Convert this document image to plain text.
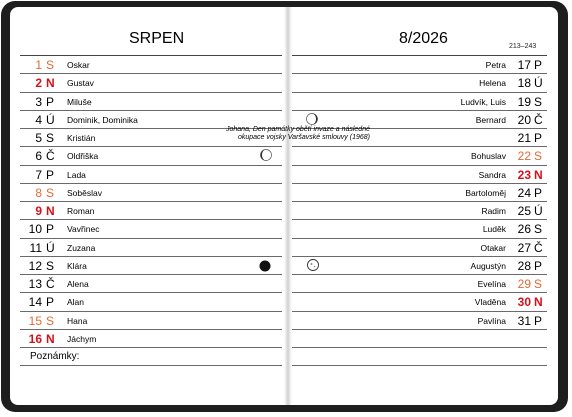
SRPEN	8/2026	213–243
1 S Oskar
2 N Gustav
3 P Miluše
4 Ú Dominik, Dominika
5 S Kristián
6 Č Oldřiška
7 P Lada
8 S Soběslav
9 N Roman
10 P Vavřinec
11 Ú Zuzana
12 S Klára
13 Č Alena
14 P Alan
15 S Hana
16 N Jáchym
Petra 17 P
Helena 18 Ú
Ludvík, Luis 19 S
Bernard 20 Č
21 P
Bohuslav 22 S
Sandra 23 N
Bartoloměj 24 P
Radim 25 Ú
Luděk 26 S
Otakar 27 Č
Augustýn 28 P
Evelína 29 S
Vladěna 30 N
Pavlína 31 P
Johana, Den památky obětí invaze a následné
okupace vojsky Varšavské smlouvy (1968)
Poznámky:
